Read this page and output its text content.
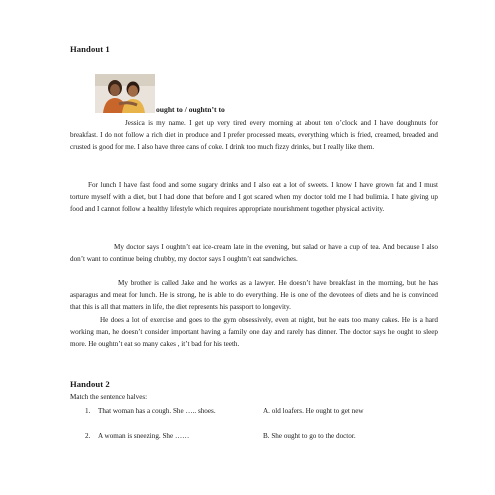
Handout 1
ought to / oughtn’t to

Jessica is my name. I get up very tired every morning at about ten o’clock and I have doughnuts for breakfast. I do not follow a rich diet in produce and I prefer processed meats, everything which is fried, creamed, breaded and crusted is good for me. I also have three cans of coke. I drink too much fizzy drinks, but I really like them.

For lunch I have fast food and some sugary drinks and I also eat a lot of sweets. I know I have grown fat and I must torture myself with a diet, but I had done that before and I got scared when my doctor told me I had bulimia. I hate giving up food and I cannot follow a healthy lifestyle which requires appropriate nourishment together physical activity.

My doctor says I oughtn’t eat ice-cream late in the evening, but salad or have a cup of tea. And because I also don’t want to continue being chubby, my doctor says I oughtn’t eat sandwiches.

My brother is called Jake and he works as a lawyer. He doesn’t have breakfast in the morning, but he has asparagus and meat for lunch. He is strong, he is able to do everything. He is one of the devotees of diets and he is convinced that this is all that matters in life, the diet represents his passport to longevity.

He does a lot of exercise and goes to the gym obsessively, even at night, but he eats too many cakes. He is a hard working man, he doesn’t consider important having a family one day and rarely has dinner. The doctor says he ought to sleep more. He oughtn’t eat so many cakes , it’t bad for his teeth.

Handout 2
Match the sentence halves:
1. That woman has a cough. She ….. shoes.	A. old loafers. He ought to get new
2. A woman is sneezing. She ……	B. She ought to go to the doctor.
